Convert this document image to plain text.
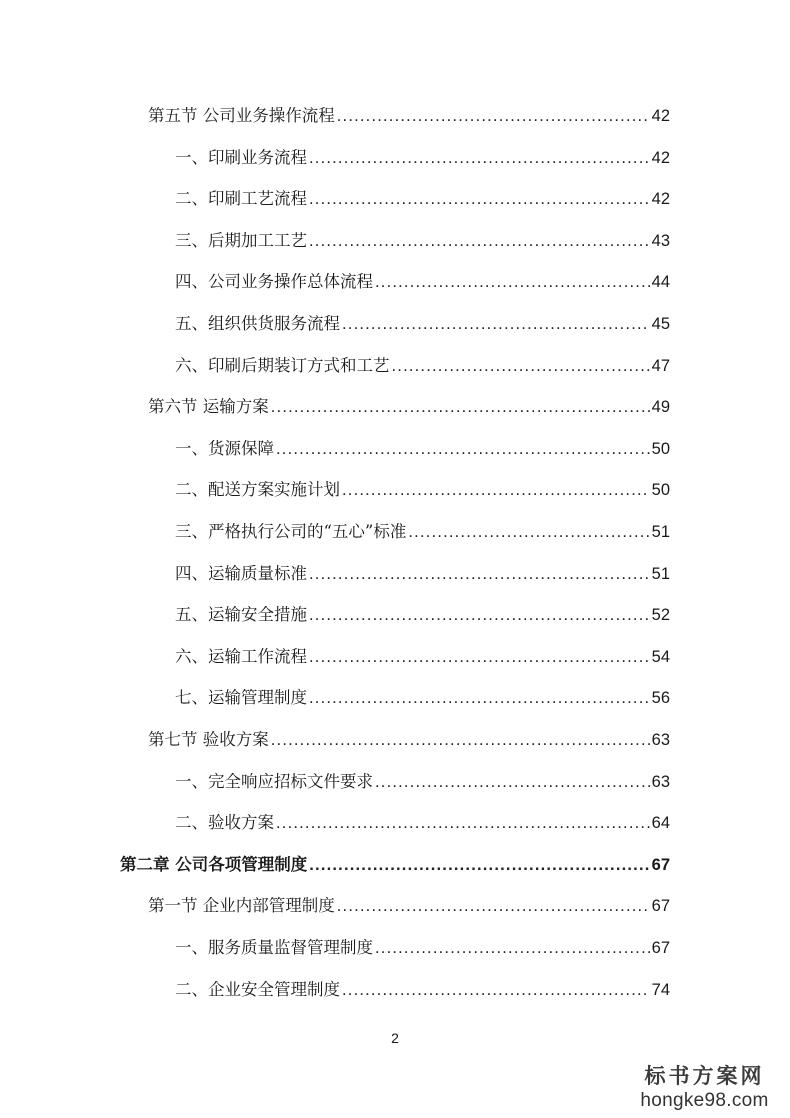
第五节 公司业务操作流程 .....	42
一、印刷业务流程 .....	42
二、印刷工艺流程 .....	42
三、后期加工工艺 .....	43
四、公司业务操作总体流程 .....	44
五、组织供货服务流程 .....	45
六、印刷后期装订方式和工艺 .....	47
第六节 运输方案 .....	49
一、货源保障 .....	50
二、配送方案实施计划 .....	50
三、严格执行公司的“五心”标准 .....	51
四、运输质量标准 .....	51
五、运输安全措施 .....	52
六、运输工作流程 .....	54
七、运输管理制度 .....	56
第七节 验收方案 .....	63
一、完全响应招标文件要求 .....	63
二、验收方案 .....	64
第二章 公司各项管理制度 .....	67
第一节 企业内部管理制度 .....	67
一、服务质量监督管理制度 .....	67
二、企业安全管理制度 .....	74
2
标书方案网
hongke98.com
